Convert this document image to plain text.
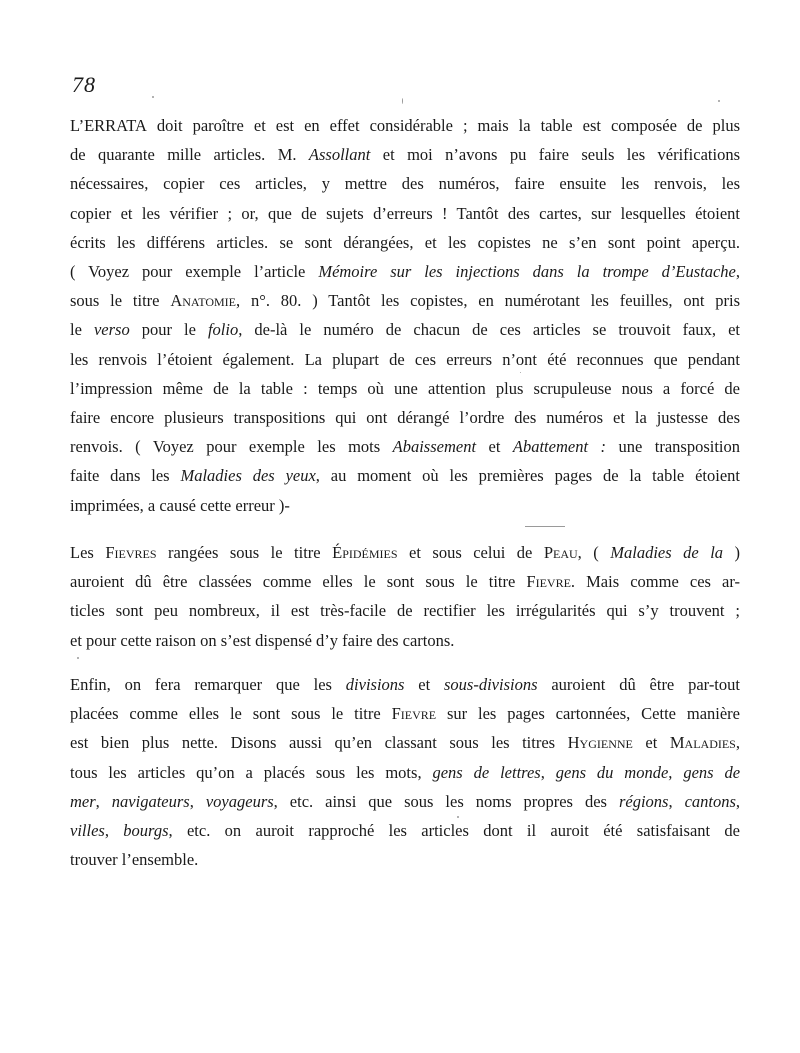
78
L’ERRATA doit paroître et est en effet considérable ; mais la table est composée de plus
de quarante mille articles. M. Assollant et moi n’avons pu faire seuls les vérifications
nécessaires, copier ces articles, y mettre des numéros, faire ensuite les renvois, les
copier et les vérifier ; or, que de sujets d’erreurs ! Tantôt des cartes, sur lesquelles étoient
écrits les différens articles. se sont dérangées, et les copistes ne s’en sont point aperçu.
( Voyez pour exemple l’article Mémoire sur les injections dans la trompe d’Eustache,
sous le titre Anatomie, n°. 80. ) Tantôt les copistes, en numérotant les feuilles, ont pris
le verso pour le folio, de-là le numéro de chacun de ces articles se trouvoit faux, et
les renvois l’étoient également. La plupart de ces erreurs n’ont été reconnues que pendant
l’impression même de la table : temps où une attention plus scrupuleuse nous a forcé de
faire encore plusieurs transpositions qui ont dérangé l’ordre des numéros et la justesse des
renvois. ( Voyez pour exemple les mots Abaissement et Abattement : une transposition
faite dans les Maladies des yeux, au moment où les premières pages de la table étoient
imprimées, a causé cette erreur )-
Les Fievres rangées sous le titre Épidémies et sous celui de Peau, ( Maladies de la )
auroient dû être classées comme elles le sont sous le titre Fievre. Mais comme ces ar-
ticles sont peu nombreux, il est très-facile de rectifier les irrégularités qui s’y trouvent ;
et pour cette raison on s’est dispensé d’y faire des cartons.
Enfin, on fera remarquer que les divisions et sous-divisions auroient dû être par-tout
placées comme elles le sont sous le titre Fievre sur les pages cartonnées, Cette manière
est bien plus nette. Disons aussi qu’en classant sous les titres Hygienne et Maladies,
tous les articles qu’on a placés sous les mots, gens de lettres, gens du monde, gens de
mer, navigateurs, voyageurs, etc. ainsi que sous les noms propres des régions, cantons,
villes, bourgs, etc. on auroit rapproché les articles dont il auroit été satisfaisant de
trouver l’ensemble.
